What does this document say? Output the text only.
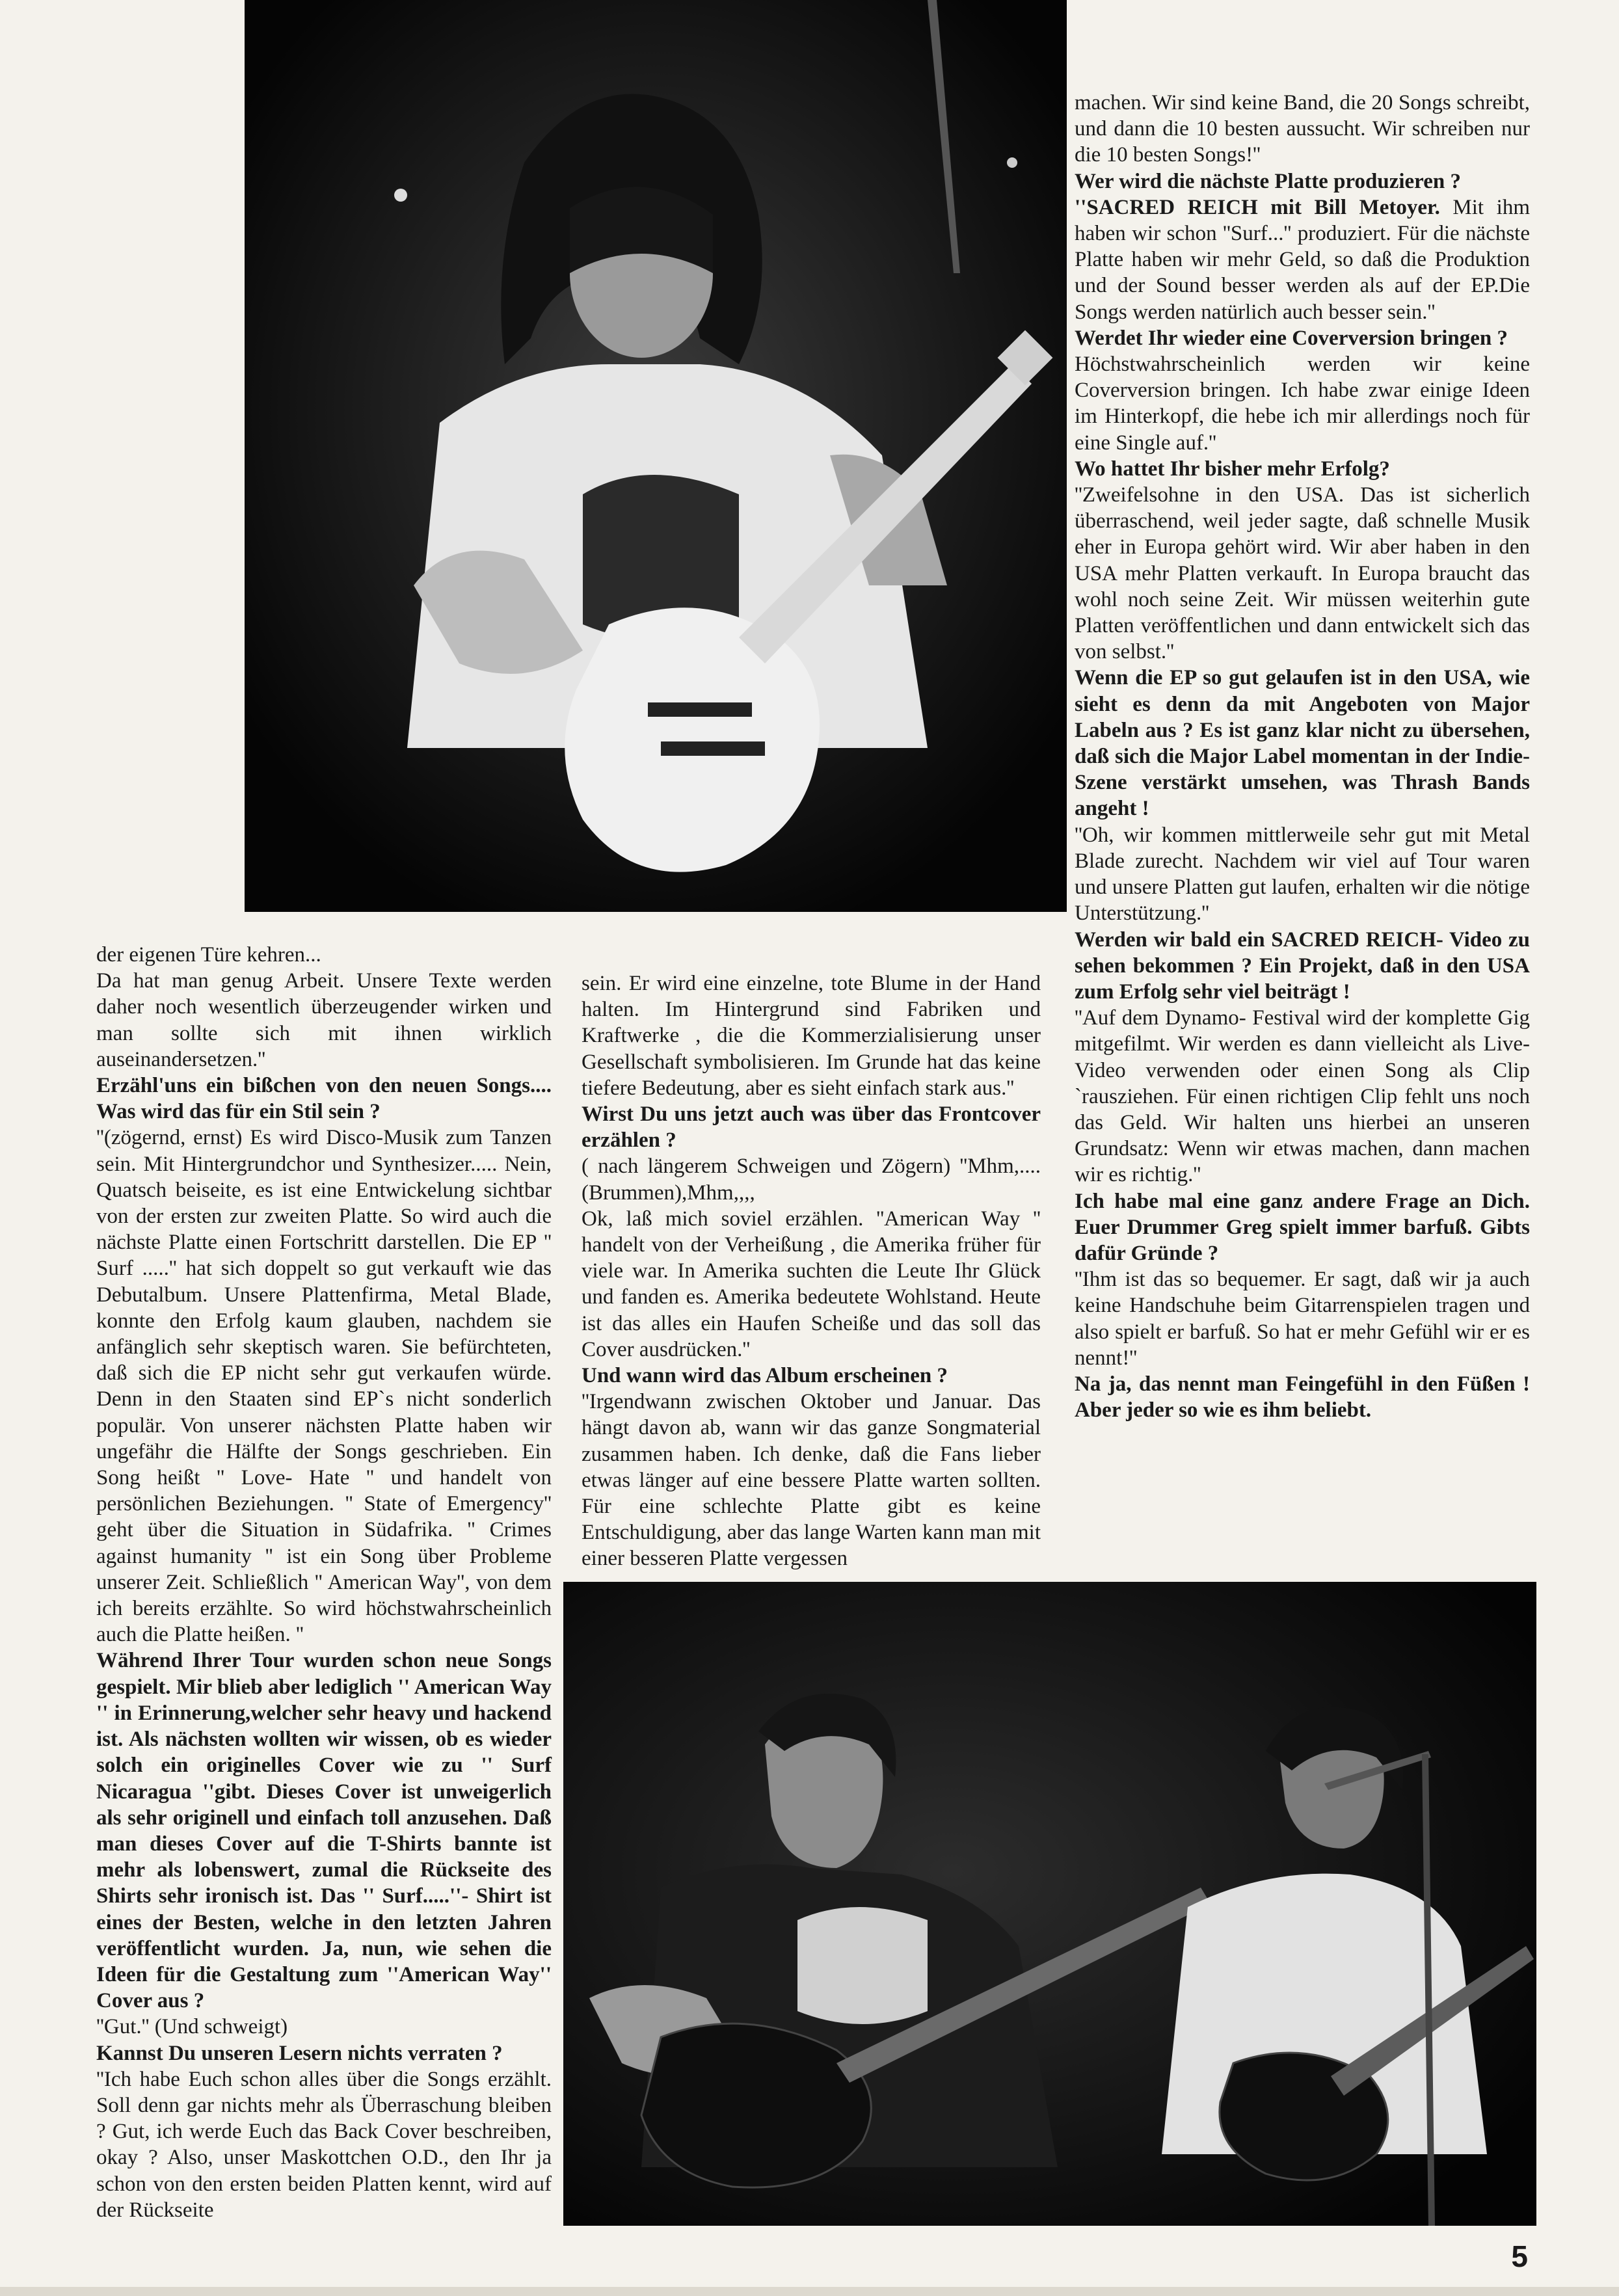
machen. Wir sind keine Band, die 20 Songs schreibt, und dann die 10 besten aussucht. Wir schreiben nur die 10 besten Songs!''

Wer wird die nächste Platte produzieren ?

''SACRED REICH mit Bill Metoyer. Mit ihm haben wir schon ''Surf...'' produziert. Für die nächste Platte haben wir mehr Geld, so daß die Produktion und der Sound besser werden als auf der EP.Die Songs werden natürlich auch besser sein.''

Werdet Ihr wieder eine Coverversion bringen ?

Höchstwahrscheinlich werden wir keine Coverversion bringen. Ich habe zwar einige Ideen im Hinterkopf, die hebe ich mir allerdings noch für eine Single auf.''

Wo hattet Ihr bisher mehr Erfolg?

''Zweifelsohne in den USA. Das ist sicherlich überraschend, weil jeder sagte, daß schnelle Musik eher in Europa gehört wird. Wir aber haben in den USA mehr Platten verkauft. In Europa braucht das wohl noch seine Zeit. Wir müssen weiterhin gute Platten veröffentlichen und dann entwickelt sich das von selbst.''

Wenn die EP so gut gelaufen ist in den USA, wie sieht es denn da mit Angeboten von Major Labeln aus ? Es ist ganz klar nicht zu übersehen, daß sich die Major Label momentan in der Indie-Szene verstärkt umsehen, was Thrash Bands angeht !

''Oh, wir kommen mittlerweile sehr gut mit Metal Blade zurecht. Nachdem wir viel auf Tour waren und unsere Platten gut laufen, erhalten wir die nötige Unterstützung.''

Werden wir bald ein SACRED REICH- Video zu sehen bekommen ? Ein Projekt, daß in den USA zum Erfolg sehr viel beiträgt !

''Auf dem Dynamo- Festival wird der komplette Gig mitgefilmt. Wir werden es dann vielleicht als Live- Video verwenden oder einen Song als Clip `rausziehen. Für einen richtigen Clip fehlt uns noch das Geld. Wir halten uns hierbei an unseren Grundsatz: Wenn wir etwas machen, dann machen wir es richtig.''

Ich habe mal eine ganz andere Frage an Dich. Euer Drummer Greg spielt immer barfuß. Gibts dafür Gründe ?

''Ihm ist das so bequemer. Er sagt, daß wir ja auch keine Handschuhe beim Gitarrenspielen tragen und also spielt er barfuß. So hat er mehr Gefühl wir er es nennt!''

Na ja, das nennt man Feingefühl in den Füßen ! Aber jeder so wie es ihm beliebt.

der eigenen Türe kehren...

Da hat man genug Arbeit. Unsere Texte werden daher noch wesentlich überzeugender wirken und man sollte sich mit ihnen wirklich auseinandersetzen.''

Erzähl'uns ein bißchen von den neuen Songs.... Was wird das für ein Stil sein ?

''(zögernd, ernst) Es wird Disco-Musik zum Tanzen sein. Mit Hintergrundchor und Synthesizer..... Nein, Quatsch beiseite, es ist eine Entwickelung sichtbar von der ersten zur zweiten Platte. So wird auch die nächste Platte einen Fortschritt darstellen. Die EP '' Surf .....'' hat sich doppelt so gut verkauft wie das Debutalbum. Unsere Plattenfirma, Metal Blade, konnte den Erfolg kaum glauben, nachdem sie anfänglich sehr skeptisch waren. Sie befürchteten, daß sich die EP nicht sehr gut verkaufen würde. Denn in den Staaten sind EP`s nicht sonderlich populär. Von unserer nächsten Platte haben wir ungefähr die Hälfte der Songs geschrieben. Ein Song heißt '' Love- Hate '' und handelt von persönlichen Beziehungen. '' State of Emergency'' geht über die Situation in Südafrika. '' Crimes against humanity '' ist ein Song über Probleme unserer Zeit. Schließlich '' American Way'', von dem ich bereits erzählte. So wird höchstwahrscheinlich auch die Platte heißen. ''

Während Ihrer Tour wurden schon neue Songs gespielt. Mir blieb aber lediglich '' American Way '' in Erinnerung,welcher sehr heavy und hackend ist. Als nächsten wollten wir wissen, ob es wieder solch ein originelles Cover wie zu '' Surf Nicaragua ''gibt. Dieses Cover ist unweigerlich als sehr originell und einfach toll anzusehen. Daß man dieses Cover auf die T-Shirts bannte ist mehr als lobenswert, zumal die Rückseite des Shirts sehr ironisch ist. Das '' Surf.....''- Shirt ist eines der Besten, welche in den letzten Jahren veröffentlicht wurden. Ja, nun, wie sehen die Ideen für die Gestaltung zum ''American Way'' Cover aus ?

''Gut.'' (Und schweigt)

Kannst Du unseren Lesern nichts verraten ?

''Ich habe Euch schon alles über die Songs erzählt. Soll denn gar nichts mehr als Überraschung bleiben ? Gut, ich werde Euch das Back Cover beschreiben, okay ? Also, unser Maskottchen O.D., den Ihr ja schon von den ersten beiden Platten kennt, wird auf der Rückseite

sein. Er wird eine einzelne, tote Blume in der Hand halten. Im Hintergrund sind Fabriken und Kraftwerke , die die Kommerzialisierung unser Gesellschaft symbolisieren. Im Grunde hat das keine tiefere Bedeutung, aber es sieht einfach stark aus.''

Wirst Du uns jetzt auch was über das Frontcover erzählen ?

( nach längerem Schweigen und Zögern) ''Mhm,....(Brummen),Mhm,,,,

Ok, laß mich soviel erzählen. ''American Way '' handelt von der Verheißung , die Amerika früher für viele war. In Amerika suchten die Leute Ihr Glück und fanden es. Amerika bedeutete Wohlstand. Heute ist das alles ein Haufen Scheiße und das soll das Cover ausdrücken.''

Und wann wird das Album erscheinen ?

''Irgendwann zwischen Oktober und Januar. Das hängt davon ab, wann wir das ganze Songmaterial zusammen haben. Ich denke, daß die Fans lieber etwas länger auf eine bessere Platte warten sollten. Für eine schlechte Platte gibt es keine Entschuldigung, aber das lange Warten kann man mit einer besseren Platte vergessen

5
